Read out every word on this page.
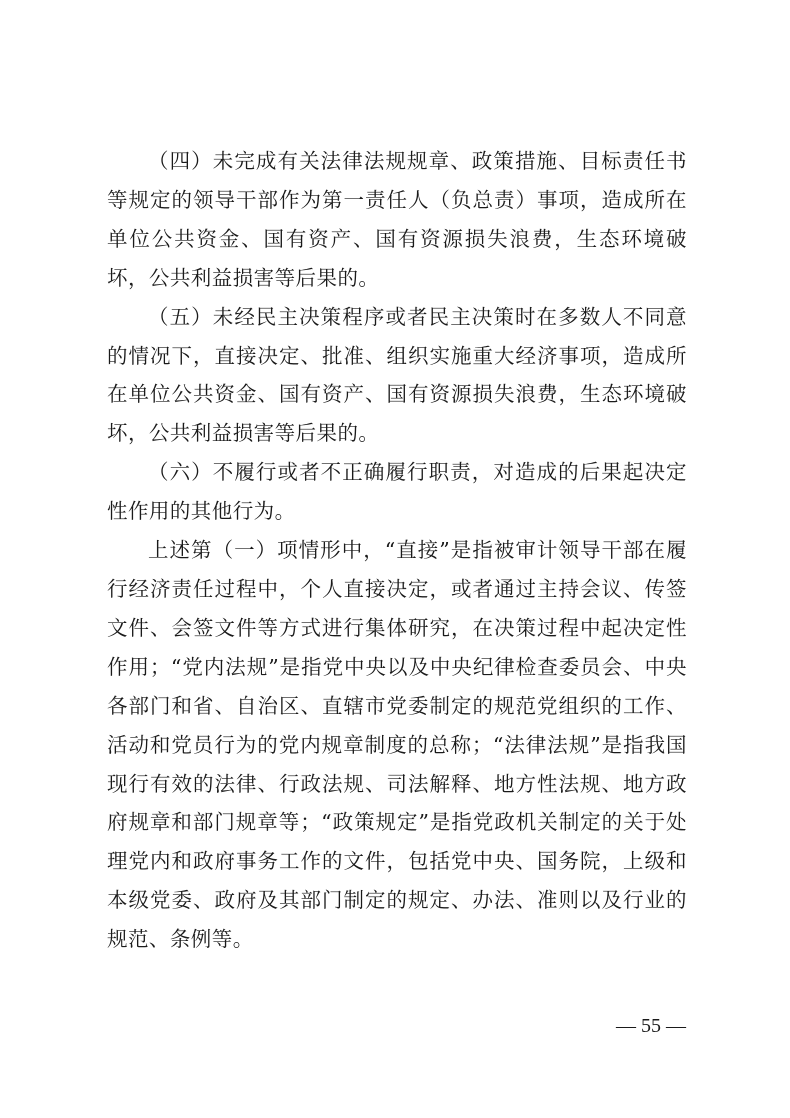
（四）未完成有关法律法规规章、政策措施、目标责任书等规定的领导干部作为第一责任人（负总责）事项，造成所在单位公共资金、国有资产、国有资源损失浪费，生态环境破坏，公共利益损害等后果的。

（五）未经民主决策程序或者民主决策时在多数人不同意的情况下，直接决定、批准、组织实施重大经济事项，造成所在单位公共资金、国有资产、国有资源损失浪费，生态环境破坏，公共利益损害等后果的。

（六）不履行或者不正确履行职责，对造成的后果起决定性作用的其他行为。

上述第（一）项情形中，“直接”是指被审计领导干部在履行经济责任过程中，个人直接决定，或者通过主持会议、传签文件、会签文件等方式进行集体研究，在决策过程中起决定性作用；“党内法规”是指党中央以及中央纪律检查委员会、中央各部门和省、自治区、直辖市党委制定的规范党组织的工作、活动和党员行为的党内规章制度的总称；“法律法规”是指我国现行有效的法律、行政法规、司法解释、地方性法规、地方政府规章和部门规章等；“政策规定”是指党政机关制定的关于处理党内和政府事务工作的文件，包括党中央、国务院，上级和本级党委、政府及其部门制定的规定、办法、准则以及行业的规范、条例等。

— 55 —
